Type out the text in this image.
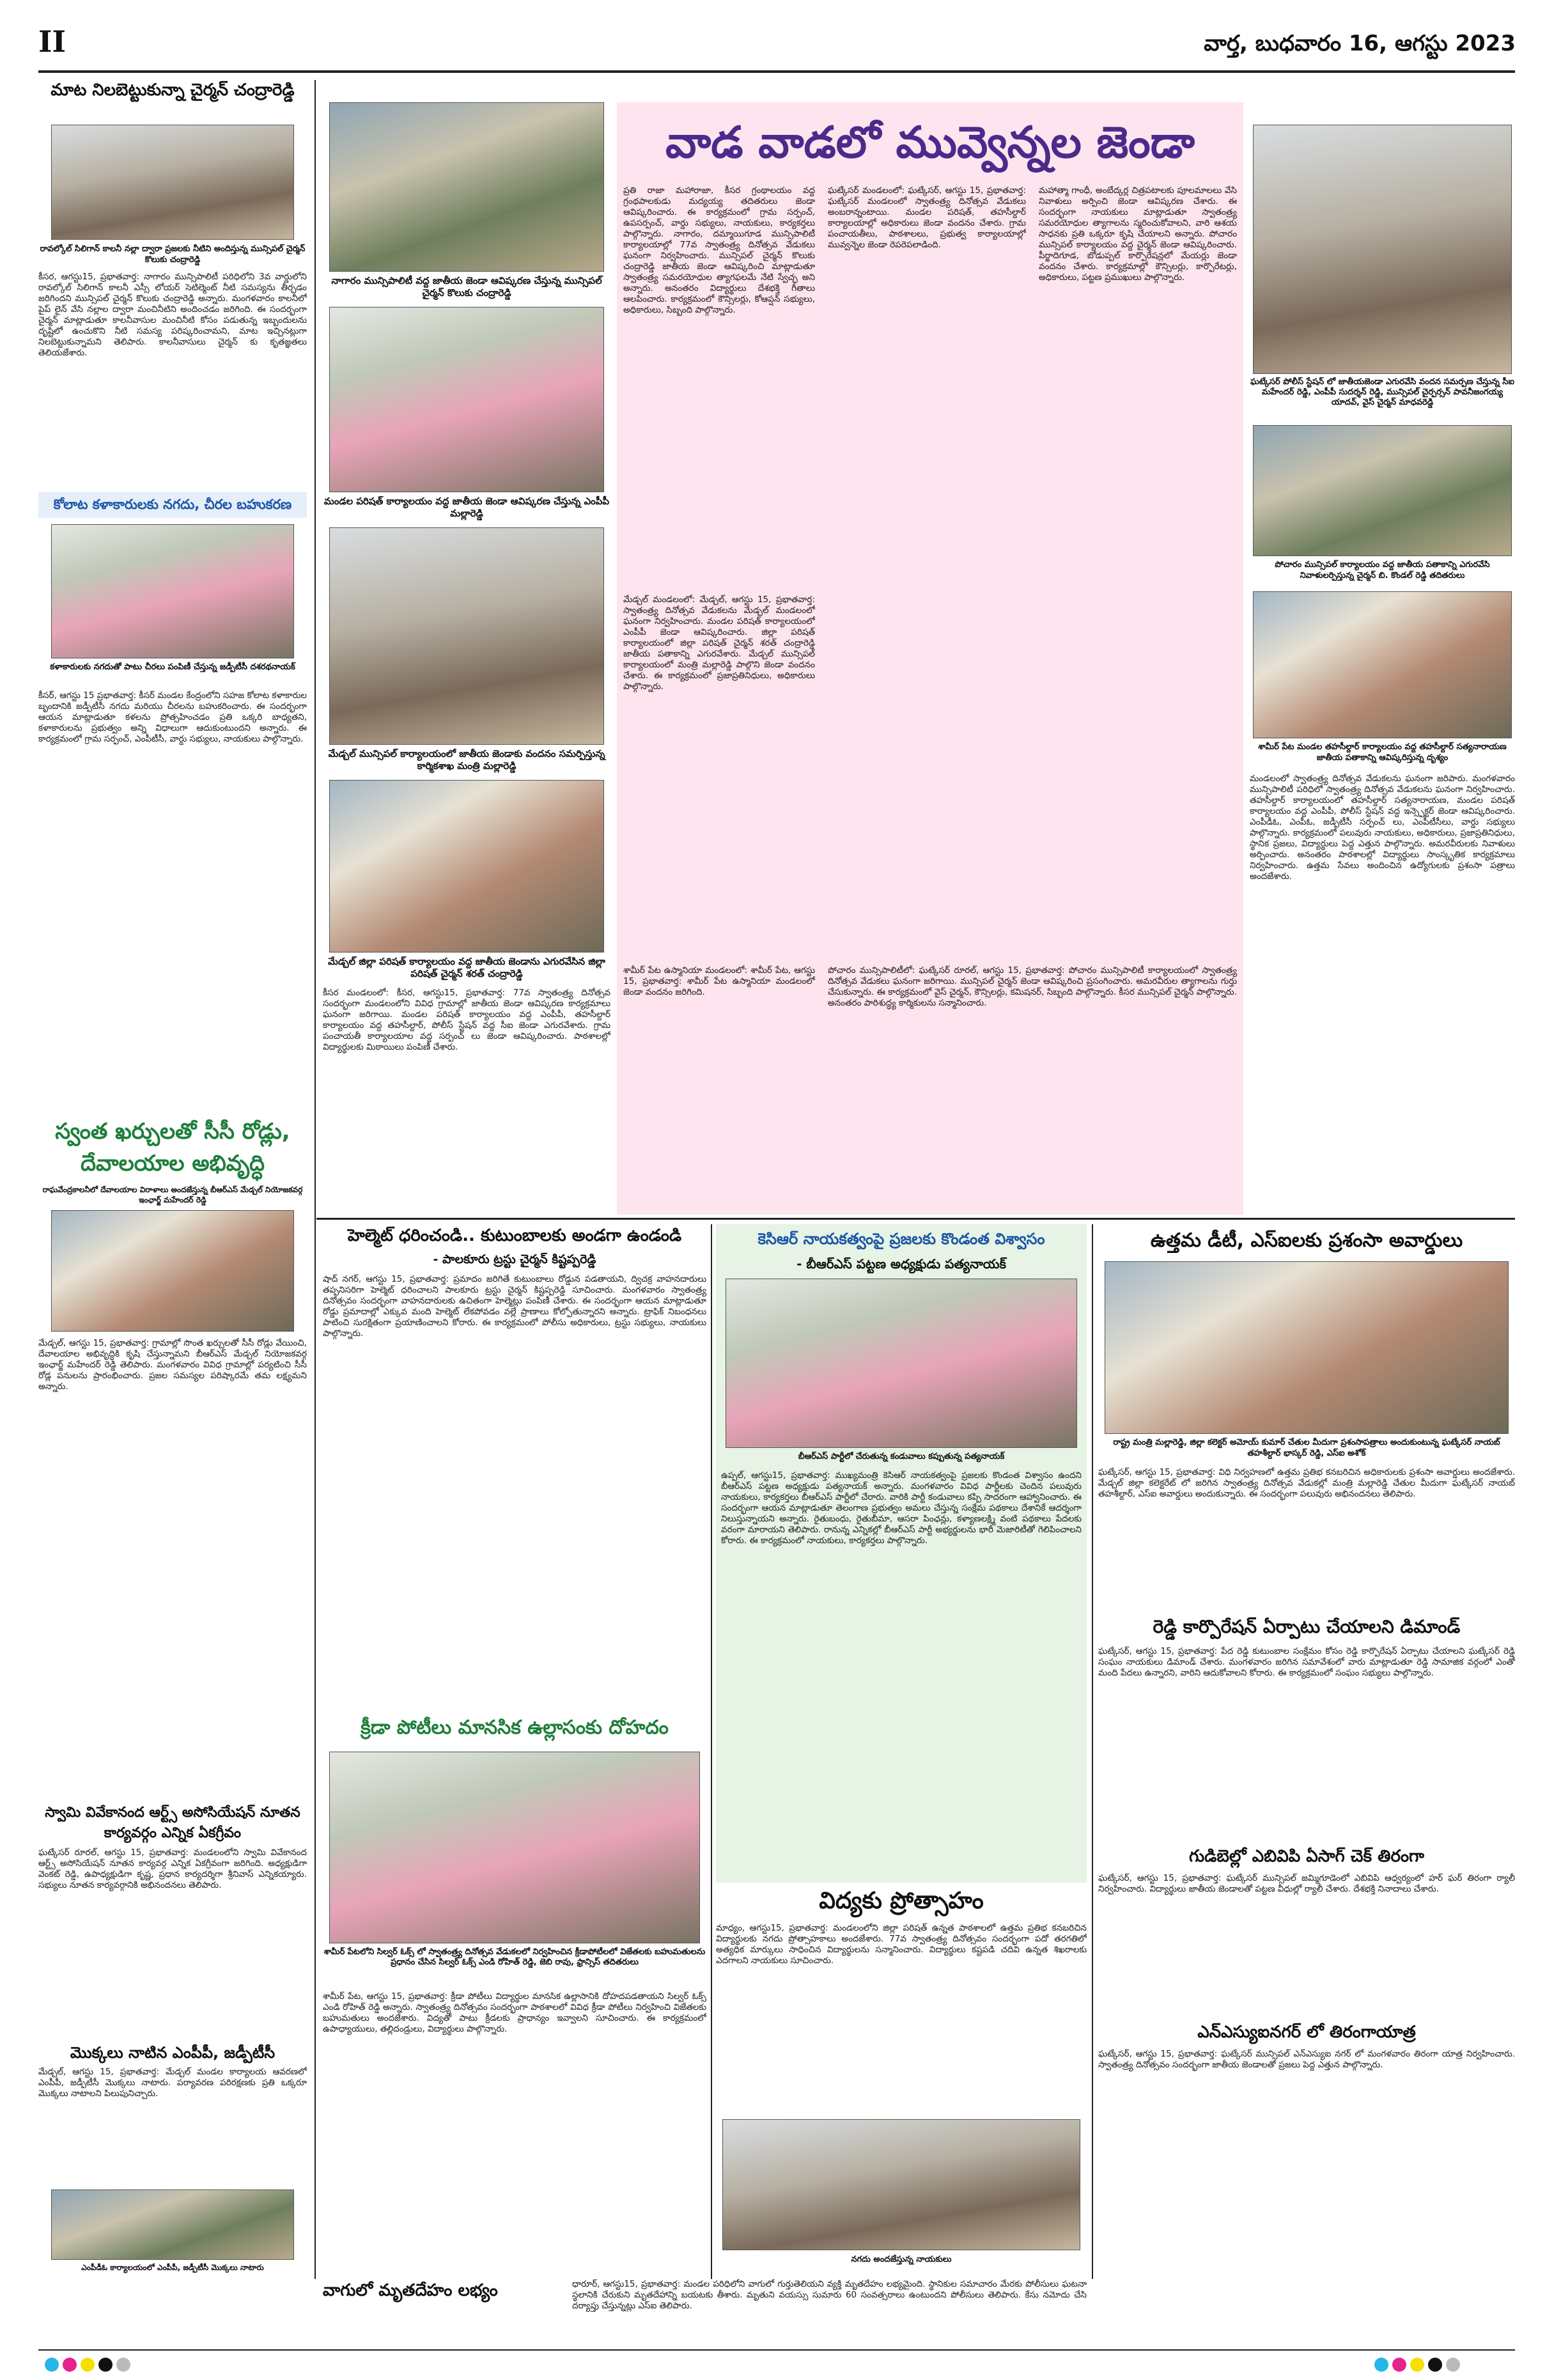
II	వార్త, బుధవారం 16, ఆగస్టు 2023
మాట నిలబెట్టుకున్నా చైర్మన్ చంద్రారెడ్డి
రావల్కోల్ సిలిగాన్ కాలనీ నల్లా ద్వారా ప్రజలకు నీటిని అందిస్తున్న మున్సిపల్ చైర్మన్ కొలుకు చంద్రారెడ్డి
కీసర, ఆగస్టు15, ప్రభాతవార్త: నాగారం మున్సిపాలిటీ పరిధిలోని 3వ వార్డులోని రావల్కోల్ సిలిగాన్ కాలనీ ఎస్సీ లోయర్ సెటిల్మెంట్ నీటి సమస్యను తీర్చడం జరిగిందని మున్సిపల్ చైర్మన్ కొలుకు చంద్రారెడ్డి అన్నారు. మంగళవారం కాలనీలో పైప్ లైన్ వేసి నల్లాల ద్వారా మంచినీటిని అందించడం జరిగింది. ఈ సందర్భంగా చైర్మన్ మాట్లాడుతూ కాలనీవాసుల మంచినీటి కోసం పడుతున్న ఇబ్బందులను దృష్టిలో ఉంచుకొని నీటి సమస్య పరిష్కరించామని, మాట ఇచ్చినట్లుగా నిలబెట్టుకున్నామని తెలిపారు. కాలనీవాసులు చైర్మన్ కు కృతజ్ఞతలు తెలియజేశారు.
కోలాట కళాకారులకు నగదు, చీరల బహుకరణ
కళాకారులకు నగదుతో పాటు చీరలు పంపిణీ చేస్తున్న జడ్పీటీసీ దశరథనాయక్
కీసర్, ఆగస్టు 15 ప్రభాతవార్త: కీసర్ మండల కేంద్రంలోని సహజ కోలాట కళాకారుల బృందానికి జడ్పీటీసీ నగదు మరియు చీరలను బహుకరించారు. ఈ సందర్భంగా ఆయన మాట్లాడుతూ కళలను ప్రోత్సహించడం ప్రతి ఒక్కరి బాధ్యతని, కళాకారులను ప్రభుత్వం అన్ని విధాలుగా ఆదుకుంటుందని అన్నారు. ఈ కార్యక్రమంలో గ్రామ సర్పంచ్, ఎంపీటీసీ, వార్డు సభ్యులు, నాయకులు పాల్గొన్నారు.
స్వంత ఖర్చులతో సీసీ రోడ్లు, దేవాలయాల అభివృద్ధి
రాఘవేంద్రకాలనీలో దేవాలయాల విరాళాలు అందజేస్తున్న బీఆర్ఎస్ మేడ్చల్ నియోజకవర్గ ఇంఛార్జ్ మహేందర్ రెడ్డి
మేడ్చల్, ఆగస్టు 15, ప్రభాతవార్త: గ్రామాల్లో సొంత ఖర్చులతో సీసీ రోడ్లు వేయించి, దేవాలయాల అభివృద్ధికి కృషి చేస్తున్నామని బీఆర్ఎస్ మేడ్చల్ నియోజకవర్గ ఇంఛార్జ్ మహేందర్ రెడ్డి తెలిపారు. మంగళవారం వివిధ గ్రామాల్లో పర్యటించి సీసీ రోడ్ల పనులను ప్రారంభించారు. ప్రజల సమస్యల పరిష్కారమే తమ లక్ష్యమని అన్నారు.
స్వామి వివేకానంద ఆర్ట్స్ అసోసియేషన్ నూతన కార్యవర్గం ఎన్నిక ఏకగ్రీవం
ఘట్కేసర్ రూరల్, ఆగస్టు 15, ప్రభాతవార్త: మండలంలోని స్వామి వివేకానంద ఆర్ట్స్ అసోసియేషన్ నూతన కార్యవర్గ ఎన్నిక ఏకగ్రీవంగా జరిగింది. అధ్యక్షుడిగా వెంకట్ రెడ్డి, ఉపాధ్యక్షుడిగా కృష్ణ, ప్రధాన కార్యదర్శిగా శ్రీనివాస్ ఎన్నికయ్యారు. సభ్యులు నూతన కార్యవర్గానికి అభినందనలు తెలిపారు.
మొక్కలు నాటిన ఎంపీపీ, జడ్పీటీసీ
మేడ్చల్, ఆగస్టు 15, ప్రభాతవార్త: మేడ్చల్ మండల కార్యాలయ ఆవరణలో ఎంపీపీ, జడ్పీటీసీ మొక్కలు నాటారు. పర్యావరణ పరిరక్షణకు ప్రతి ఒక్కరూ మొక్కలు నాటాలని పిలుపునిచ్చారు.
ఎంపీడీఓ కార్యాలయంలో ఎంపీపీ, జడ్పీటీసీ మొక్కలు నాటారు
నాగారం మున్సిపాలిటీ వద్ద జాతీయ జెండా ఆవిష్కరణ చేస్తున్న మున్సిపల్ చైర్మన్ కొలుకు చంద్రారెడ్డి
మండల పరిషత్ కార్యాలయం వద్ద జాతీయ జెండా ఆవిష్కరణ చేస్తున్న ఎంపీపీ మల్లారెడ్డి
మేడ్చల్ మున్సిపల్ కార్యాలయంలో జాతీయ జెండాకు వందనం సమర్పిస్తున్న కార్మికశాఖ మంత్రి మల్లారెడ్డి
మేడ్చల్ జిల్లా పరిషత్ కార్యాలయం వద్ద జాతీయ జెండాను ఎగురవేసిన జిల్లా పరిషత్ చైర్మన్ శరత్ చంద్రారెడ్డి
కీసర మండలంలో: కీసర, ఆగస్టు15, ప్రభాతవార్త: 77వ స్వాతంత్ర్య దినోత్సవ సందర్భంగా మండలంలోని వివిధ గ్రామాల్లో జాతీయ జెండా ఆవిష్కరణ కార్యక్రమాలు ఘనంగా జరిగాయి. మండల పరిషత్ కార్యాలయం వద్ద ఎంపీపీ, తహసీల్దార్ కార్యాలయం వద్ద తహసీల్దార్, పోలీస్ స్టేషన్ వద్ద సీఐ జెండా ఎగురవేశారు. గ్రామ పంచాయతీ కార్యాలయాల వద్ద సర్పంచ్ లు జెండా ఆవిష్కరించారు. పాఠశాలల్లో విద్యార్థులకు మిఠాయిలు పంపిణీ చేశారు.
వాడ వాడలో మువ్వెన్నల జెండా
ప్రతి రాజా మహారాజా, కీసర గ్రంథాలయం వద్ద గ్రంథపాలకుడు మద్యయ్య తదితరులు జెండా ఆవిష్కరించారు. ఈ కార్యక్రమంలో గ్రామ సర్పంచ్, ఉపసర్పంచ్, వార్డు సభ్యులు, నాయకులు, కార్యకర్తలు పాల్గొన్నారు. నాగారం, దమ్మాయిగూడ మున్సిపాలిటీ కార్యాలయాల్లో 77వ స్వాతంత్ర్య దినోత్సవ వేడుకలు ఘనంగా నిర్వహించారు. మున్సిపల్ చైర్మన్ కొలుకు చంద్రారెడ్డి జాతీయ జెండా ఆవిష్కరించి మాట్లాడుతూ స్వాతంత్ర్య సమరయోధుల త్యాగఫలమే నేటి స్వేచ్ఛ అని అన్నారు. అనంతరం విద్యార్థులు దేశభక్తి గీతాలు ఆలపించారు. కార్యక్రమంలో కౌన్సిలర్లు, కోఆప్షన్ సభ్యులు, అధికారులు, సిబ్బంది పాల్గొన్నారు.
మేడ్చల్ మండలంలో: మేడ్చల్, ఆగస్టు 15, ప్రభాతవార్త: స్వాతంత్ర్య దినోత్సవ వేడుకలను మేడ్చల్ మండలంలో ఘనంగా నిర్వహించారు. మండల పరిషత్ కార్యాలయంలో ఎంపీపీ జెండా ఆవిష్కరించారు. జిల్లా పరిషత్ కార్యాలయంలో జిల్లా పరిషత్ చైర్మన్ శరత్ చంద్రారెడ్డి జాతీయ పతాకాన్ని ఎగురవేశారు. మేడ్చల్ మున్సిపల్ కార్యాలయంలో మంత్రి మల్లారెడ్డి పాల్గొని జెండా వందనం చేశారు. ఈ కార్యక్రమంలో ప్రజాప్రతినిధులు, అధికారులు పాల్గొన్నారు.
ఘట్కేసర్ మండలంలో: ఘట్కేసర్, ఆగస్టు 15, ప్రభాతవార్త: ఘట్కేసర్ మండలంలో స్వాతంత్ర్య దినోత్సవ వేడుకలు అంబరాన్నంటాయి. మండల పరిషత్, తహసీల్దార్ కార్యాలయాల్లో అధికారులు జెండా వందనం చేశారు. గ్రామ పంచాయతీలు, పాఠశాలలు, ప్రభుత్వ కార్యాలయాల్లో మువ్వన్నెల జెండా రెపరెపలాడింది.
మహాత్మా గాంధీ, అంబేద్కర్ల చిత్రపటాలకు పూలమాలలు వేసి నివాళులు అర్పించి జెండా ఆవిష్కరణ చేశారు. ఈ సందర్భంగా నాయకులు మాట్లాడుతూ స్వాతంత్ర్య సమరయోధుల త్యాగాలను స్మరించుకోవాలని, వారి ఆశయ సాధనకు ప్రతి ఒక్కరూ కృషి చేయాలని అన్నారు. పోచారం మున్సిపల్ కార్యాలయం వద్ద చైర్మన్ జెండా ఆవిష్కరించారు. పీర్జాదిగూడ, బోడుప్పల్ కార్పొరేషన్లలో మేయర్లు జెండా వందనం చేశారు. కార్యక్రమాల్లో కౌన్సిలర్లు, కార్పొరేటర్లు, అధికారులు, పట్టణ ప్రముఖులు పాల్గొన్నారు.
పోచారం మున్సిపాలిటీలో: ఘట్కేసర్ రూరల్, ఆగస్టు 15, ప్రభాతవార్త: పోచారం మున్సిపాలిటీ కార్యాలయంలో స్వాతంత్ర్య దినోత్సవ వేడుకలు ఘనంగా జరిగాయి. మున్సిపల్ చైర్మన్ జెండా ఆవిష్కరించి ప్రసంగించారు. అమరవీరుల త్యాగాలను గుర్తు చేసుకున్నారు. ఈ కార్యక్రమంలో వైస్ చైర్మన్, కౌన్సిలర్లు, కమిషనర్, సిబ్బంది పాల్గొన్నారు. కీసర మున్సిపల్ చైర్మన్ పాల్గొన్నారు. అనంతరం పారిశుద్ధ్య కార్మికులను సన్మానించారు.
శామీర్ పేట ఉస్మానియా మండలంలో: శామీర్ పేట, ఆగస్టు 15, ప్రభాతవార్త: శామీర్ పేట ఉస్మానియా మండలంలో జెండా వందనం జరిగింది.
ఘట్కేసర్ పోలీస్ స్టేషన్ లో జాతీయజెండా ఎగురవేసి వందన సమర్పణ చేస్తున్న సీఐ మహేందర్ రెడ్డి, ఎంపీపీ సుదర్శన్ రెడ్డి, మున్సిపల్ చైర్పర్సన్ పావనీజంగయ్య యాదవ్, వైస్ చైర్మన్ మాధవరెడ్డి
పోచారం మున్సిపల్ కార్యాలయం వద్ద జాతీయ పతాకాన్ని ఎగురవేసి నివాళులర్పిస్తున్న చైర్మన్ బి. కొండల్ రెడ్డి తదితరులు
శామీర్ పేట మండల తహసీల్దార్ కార్యాలయం వద్ద తహసీల్దార్ సత్యనారాయణ జాతీయ పతాకాన్ని ఆవిష్కరిస్తున్న దృశ్యం
మండలంలో స్వాతంత్ర్య దినోత్సవ వేడుకలను ఘనంగా జరిపారు. మంగళవారం మున్సిపాలిటీ పరిధిలో స్వాతంత్ర్య దినోత్సవ వేడుకలను ఘనంగా నిర్వహించారు. తహసీల్దార్ కార్యాలయంలో తహసీల్దార్ సత్యనారాయణ, మండల పరిషత్ కార్యాలయం వద్ద ఎంపీపీ, పోలీస్ స్టేషన్ వద్ద ఇన్స్పెక్టర్ జెండా ఆవిష్కరించారు. ఎంపీడీఓ, ఎంపీఓ, జడ్పీటీసీ సర్పంచ్ లు, ఎంపీటీసీలు, వార్డు సభ్యులు పాల్గొన్నారు. కార్యక్రమంలో పలువురు నాయకులు, అధికారులు, ప్రజాప్రతినిధులు, స్థానిక ప్రజలు, విద్యార్థులు పెద్ద ఎత్తున పాల్గొన్నారు. అమరవీరులకు నివాళులు అర్పించారు. అనంతరం పాఠశాలల్లో విద్యార్థులు సాంస్కృతిక కార్యక్రమాలు నిర్వహించారు. ఉత్తమ సేవలు అందించిన ఉద్యోగులకు ప్రశంసా పత్రాలు అందజేశారు.
హెల్మెట్ ధరించండి.. కుటుంబాలకు అండగా ఉండండి
- పాలకూరు ట్రస్టు చైర్మన్ కిష్టప్పరెడ్డి
షాద్ నగర్, ఆగస్టు 15, ప్రభాతవార్త: ప్రమాదం జరిగితే కుటుంబాలు రోడ్డున పడతాయని, ద్విచక్ర వాహనదారులు తప్పనిసరిగా హెల్మెట్ ధరించాలని పాలకూరు ట్రస్టు చైర్మన్ కిష్టప్పరెడ్డి సూచించారు. మంగళవారం స్వాతంత్ర్య దినోత్సవం సందర్భంగా వాహనదారులకు ఉచితంగా హెల్మెట్లు పంపిణీ చేశారు. ఈ సందర్భంగా ఆయన మాట్లాడుతూ రోడ్డు ప్రమాదాల్లో ఎక్కువ మంది హెల్మెట్ లేకపోవడం వల్లే ప్రాణాలు కోల్పోతున్నారని అన్నారు. ట్రాఫిక్ నిబంధనలు పాటించి సురక్షితంగా ప్రయాణించాలని కోరారు. ఈ కార్యక్రమంలో పోలీసు అధికారులు, ట్రస్టు సభ్యులు, నాయకులు పాల్గొన్నారు.
క్రీడా పోటీలు మానసిక ఉల్లాసంకు దోహదం
శామీర్ పేటలోని సిల్వర్ ఓక్స్ లో స్వాతంత్ర్య దినోత్సవ వేడుకలలో నిర్వహించిన క్రీడాపోటీలలో విజేతలకు బహుమతులను ప్రధానం చేసిన సిల్వర్ ఓక్స్ ఎండి రోహిత్ రెడ్డి, జెబి రావు, ఫ్రాన్సిస్ తదితరులు
శామీర్ పేట, ఆగస్టు 15, ప్రభాతవార్త: క్రీడా పోటీలు విద్యార్థుల మానసిక ఉల్లాసానికి దోహదపడతాయని సిల్వర్ ఓక్స్ ఎండి రోహిత్ రెడ్డి అన్నారు. స్వాతంత్ర్య దినోత్సవం సందర్భంగా పాఠశాలలో వివిధ క్రీడా పోటీలు నిర్వహించి విజేతలకు బహుమతులు అందజేశారు. విద్యతో పాటు క్రీడలకు ప్రాధాన్యం ఇవ్వాలని సూచించారు. ఈ కార్యక్రమంలో ఉపాధ్యాయులు, తల్లిదండ్రులు, విద్యార్థులు పాల్గొన్నారు.
కెసిఆర్ నాయకత్వంపై ప్రజలకు కొండంత విశ్వాసం
- బీఆర్ఎస్ పట్టణ అధ్యక్షుడు పత్యనాయక్
బీఆర్ఎస్ పార్టీలో చేరుతున్న కండువాలు కప్పుతున్న పత్యనాయక్
ఉప్పల్, ఆగస్టు15, ప్రభాతవార్త: ముఖ్యమంత్రి కెసిఆర్ నాయకత్వంపై ప్రజలకు కొండంత విశ్వాసం ఉందని బీఆర్ఎస్ పట్టణ అధ్యక్షుడు పత్యనాయక్ అన్నారు. మంగళవారం వివిధ పార్టీలకు చెందిన పలువురు నాయకులు, కార్యకర్తలు బీఆర్ఎస్ పార్టీలో చేరారు. వారికి పార్టీ కండువాలు కప్పి సాదరంగా ఆహ్వానించారు. ఈ సందర్భంగా ఆయన మాట్లాడుతూ తెలంగాణ ప్రభుత్వం అమలు చేస్తున్న సంక్షేమ పథకాలు దేశానికే ఆదర్శంగా నిలుస్తున్నాయని అన్నారు. రైతుబంధు, రైతుబీమా, ఆసరా పింఛన్లు, కళ్యాణలక్ష్మి వంటి పథకాలు పేదలకు వరంగా మారాయని తెలిపారు. రానున్న ఎన్నికల్లో బీఆర్ఎస్ పార్టీ అభ్యర్థులను భారీ మెజారిటీతో గెలిపించాలని కోరారు. ఈ కార్యక్రమంలో నాయకులు, కార్యకర్తలు పాల్గొన్నారు.
విద్యకు ప్రోత్సాహం
మాధ్యం, ఆగస్టు15, ప్రభాతవార్త: మండలంలోని జిల్లా పరిషత్ ఉన్నత పాఠశాలలో ఉత్తమ ప్రతిభ కనబరిచిన విద్యార్థులకు నగదు ప్రోత్సాహకాలు అందజేశారు. 77వ స్వాతంత్ర్య దినోత్సవం సందర్భంగా పదో తరగతిలో అత్యధిక మార్కులు సాధించిన విద్యార్థులను సన్మానించారు. విద్యార్థులు కష్టపడి చదివి ఉన్నత శిఖరాలకు ఎదగాలని నాయకులు సూచించారు.
నగదు అందజేస్తున్న నాయకులు
ఉత్తమ డీటీ, ఎస్ఐలకు ప్రశంసా అవార్డులు
రాష్ట్ర మంత్రి మల్లారెడ్డి, జిల్లా కలెక్టర్ అమోయ్ కుమార్ చేతుల మీదుగా ప్రశంసాపత్రాలు అందుకుంటున్న ఘట్కేసర్ నాయబ్ తహశీల్దార్ భాస్కర్ రెడ్డి, ఎస్ఐ అశోక్
ఘట్కేసర్, ఆగస్టు 15, ప్రభాతవార్త: విధి నిర్వహణలో ఉత్తమ ప్రతిభ కనబరిచిన అధికారులకు ప్రశంసా అవార్డులు అందజేశారు. మేడ్చల్ జిల్లా కలెక్టరేట్ లో జరిగిన స్వాతంత్ర్య దినోత్సవ వేడుకల్లో మంత్రి మల్లారెడ్డి చేతుల మీదుగా ఘట్కేసర్ నాయబ్ తహశీల్దార్, ఎస్ఐ అవార్డులు అందుకున్నారు. ఈ సందర్భంగా పలువురు అభినందనలు తెలిపారు.
రెడ్డి కార్పొరేషన్ ఏర్పాటు చేయాలని డిమాండ్
ఘట్కేసర్, ఆగస్టు 15, ప్రభాతవార్త: పేద రెడ్డి కుటుంబాల సంక్షేమం కోసం రెడ్డి కార్పొరేషన్ ఏర్పాటు చేయాలని ఘట్కేసర్ రెడ్డి సంఘం నాయకులు డిమాండ్ చేశారు. మంగళవారం జరిగిన సమావేశంలో వారు మాట్లాడుతూ రెడ్డి సామాజిక వర్గంలో ఎంతో మంది పేదలు ఉన్నారని, వారిని ఆదుకోవాలని కోరారు. ఈ కార్యక్రమంలో సంఘం సభ్యులు పాల్గొన్నారు.
గుడిబెల్లో ఎబివిపి ఏసాగ్ చెక్ తిరంగా
ఘట్కేసర్, ఆగస్టు 15, ప్రభాతవార్త: ఘట్కేసర్ మున్సిపల్ జమ్మిగూడెంలో ఎబివిపి ఆధ్వర్యంలో హర్ ఘర్ తిరంగా ర్యాలీ నిర్వహించారు. విద్యార్థులు జాతీయ జెండాలతో పట్టణ వీధుల్లో ర్యాలీ చేశారు. దేశభక్తి నినాదాలు చేశారు.
ఎన్ఎస్యుఐనగర్ లో తిరంగాయాత్ర
ఘట్కేసర్, ఆగస్టు 15, ప్రభాతవార్త: ఘట్కేసర్ మున్సిపల్ ఎన్ఎస్యుఐ నగర్ లో మంగళవారం తిరంగా యాత్ర నిర్వహించారు. స్వాతంత్ర్య దినోత్సవం సందర్భంగా జాతీయ జెండాలతో ప్రజలు పెద్ద ఎత్తున పాల్గొన్నారు.
వాగులో మృతదేహం లభ్యం	ధారూర్, ఆగస్టు15, ప్రభాతవార్త: మండల పరిధిలోని వాగులో గుర్తుతెలియని వ్యక్తి మృతదేహం లభ్యమైంది. స్థానికుల సమాచారం మేరకు పోలీసులు ఘటనా స్థలానికి చేరుకుని మృతదేహాన్ని బయటకు తీశారు. మృతుని వయస్సు సుమారు 60 సంవత్సరాలు ఉంటుందని పోలీసులు తెలిపారు. కేసు నమోదు చేసి దర్యాప్తు చేస్తున్నట్లు ఎస్ఐ తెలిపారు.
